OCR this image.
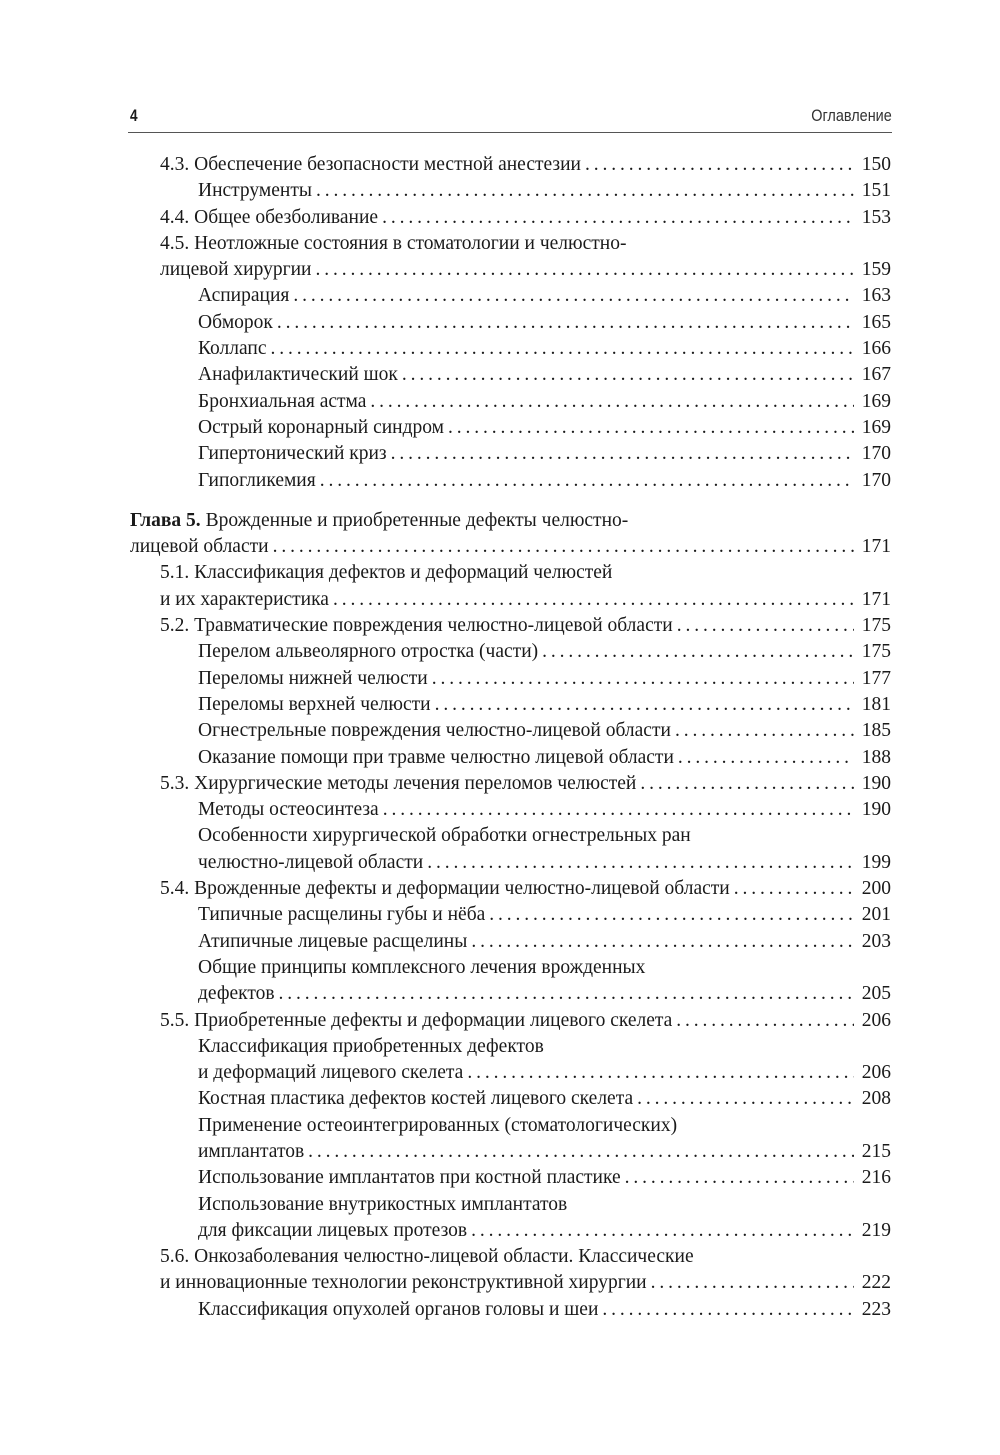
4	Оглавление
4.3. Обеспечение безопасности местной анестезии . . .	150
Инструменты . . .	151
4.4. Общее обезболивание . . .	153
4.5. Неотложные состояния в стоматологии и челюстно-
лицевой хирургии . . .	159
Аспирация . . .	163
Обморок . . .	165
Коллапс . . .	166
Анафилактический шок . . .	167
Бронхиальная астма . . .	169
Острый коронарный синдром . . .	169
Гипертонический криз . . .	170
Гипогликемия . . .	170
Глава 5. Врожденные и приобретенные дефекты челюстно-
лицевой области . . .	171
5.1. Классификация дефектов и деформаций челюстей
и их характеристика . . .	171
5.2. Травматические повреждения челюстно-лицевой области . . .	175
Перелом альвеолярного отростка (части) . . .	175
Переломы нижней челюсти . . .	177
Переломы верхней челюсти . . .	181
Огнестрельные повреждения челюстно-лицевой области . . .	185
Оказание помощи при травме челюстно лицевой области . . .	188
5.3. Хирургические методы лечения переломов челюстей . . .	190
Методы остеосинтеза . . .	190
Особенности хирургической обработки огнестрельных ран
челюстно-лицевой области . . .	199
5.4. Врожденные дефекты и деформации челюстно-лицевой области . . .	200
Типичные расщелины губы и нёба . . .	201
Атипичные лицевые расщелины . . .	203
Общие принципы комплексного лечения врожденных
дефектов . . .	205
5.5. Приобретенные дефекты и деформации лицевого скелета . . .	206
Классификация приобретенных дефектов
и деформаций лицевого скелета . . .	206
Костная пластика дефектов костей лицевого скелета . . .	208
Применение остеоинтегрированных (стоматологических)
имплантатов . . .	215
Использование имплантатов при костной пластике . . .	216
Использование внутрикостных имплантатов
для фиксации лицевых протезов . . .	219
5.6. Онкозаболевания челюстно-лицевой области. Классические
и инновационные технологии реконструктивной хирургии . . .	222
Классификация опухолей органов головы и шеи . . .	223
